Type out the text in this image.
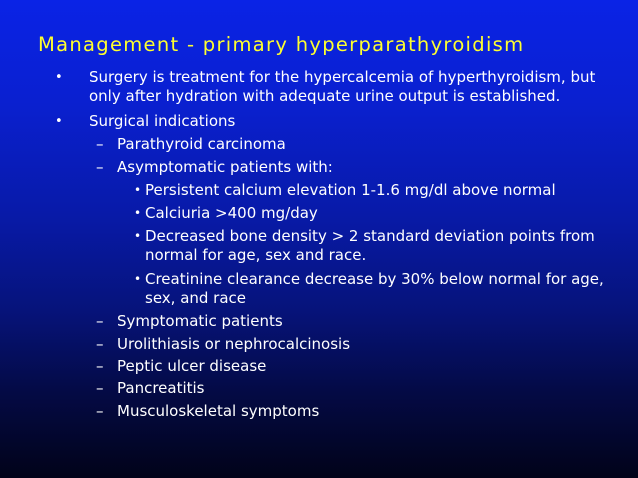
Management - primary hyperparathyroidism
• Surgery is treatment for the hypercalcemia of hyperthyroidism, but
only after hydration with adequate urine output is established.
• Surgical indications
– Parathyroid carcinoma
– Asymptomatic patients with:
• Persistent calcium elevation 1-1.6 mg/dl above normal
• Calciuria >400 mg/day
• Decreased bone density > 2 standard deviation points from
normal for age, sex and race.
• Creatinine clearance decrease by 30% below normal for age,
sex, and race
– Symptomatic patients
– Urolithiasis or nephrocalcinosis
– Peptic ulcer disease
– Pancreatitis
– Musculoskeletal symptoms
